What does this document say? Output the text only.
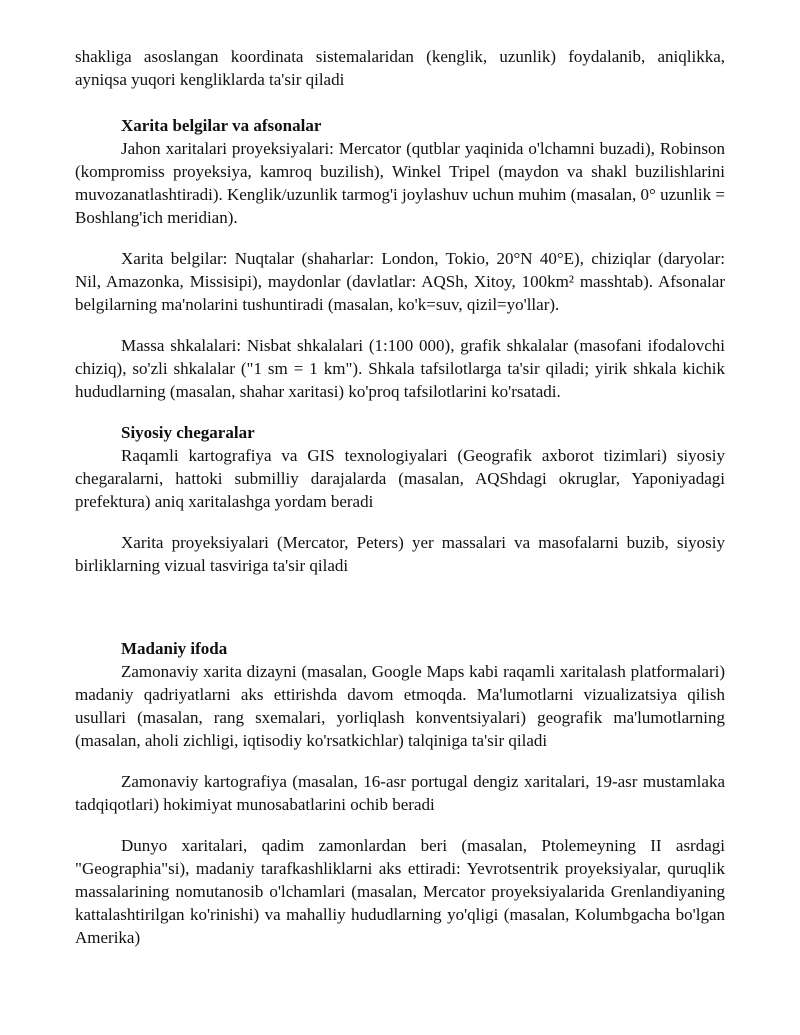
shakliga asoslangan koordinata sistemalaridan (kenglik, uzunlik) foydalanib, aniqlikka, ayniqsa yuqori kengliklarda ta'sir qiladi

Xarita belgilar va afsonalar

Jahon xaritalari proyeksiyalari: Mercator (qutblar yaqinida o'lchamni buzadi), Robinson (kompromiss proyeksiya, kamroq buzilish), Winkel Tripel (maydon va shakl buzilishlarini muvozanatlashtiradi). Kenglik/uzunlik tarmog'i joylashuv uchun muhim (masalan, 0° uzunlik = Boshlang'ich meridian).

Xarita belgilar: Nuqtalar (shaharlar: London, Tokio, 20°N 40°E), chiziqlar (daryolar: Nil, Amazonka, Missisipi), maydonlar (davlatlar: AQSh, Xitoy, 100km² masshtab). Afsonalar belgilarning ma'nolarini tushuntiradi (masalan, ko'k=suv, qizil=yo'llar).

Massa shkalalari: Nisbat shkalalari (1:100 000), grafik shkalalar (masofani ifodalovchi chiziq), so'zli shkalalar ("1 sm = 1 km"). Shkala tafsilotlarga ta'sir qiladi; yirik shkala kichik hududlarning (masalan, shahar xaritasi) ko'proq tafsilotlarini ko'rsatadi.

Siyosiy chegaralar

Raqamli kartografiya va GIS texnologiyalari (Geografik axborot tizimlari) siyosiy chegaralarni, hattoki submilliy darajalarda (masalan, AQShdagi okruglar, Yaponiyadagi prefektura) aniq xaritalashga yordam beradi

Xarita proyeksiyalari (Mercator, Peters) yer massalari va masofalarni buzib, siyosiy birliklarning vizual tasviriga ta'sir qiladi

Madaniy ifoda

Zamonaviy xarita dizayni (masalan, Google Maps kabi raqamli xaritalash platformalari) madaniy qadriyatlarni aks ettirishda davom etmoqda. Ma'lumotlarni vizualizatsiya qilish usullari (masalan, rang sxemalari, yorliqlash konventsiyalari) geografik ma'lumotlarning (masalan, aholi zichligi, iqtisodiy ko'rsatkichlar) talqiniga ta'sir qiladi

Zamonaviy kartografiya (masalan, 16-asr portugal dengiz xaritalari, 19-asr mustamlaka tadqiqotlari) hokimiyat munosabatlarini ochib beradi

Dunyo xaritalari, qadim zamonlardan beri (masalan, Ptolemeyning II asrdagi "Geographia"si), madaniy tarafkashliklarni aks ettiradi: Yevrotsentrik proyeksiyalar, quruqlik massalarining nomutanosib o'lchamlari (masalan, Mercator proyeksiyalarida Grenlandiyaning kattalashtirilgan ko'rinishi) va mahalliy hududlarning yo'qligi (masalan, Kolumbgacha bo'lgan Amerika)
